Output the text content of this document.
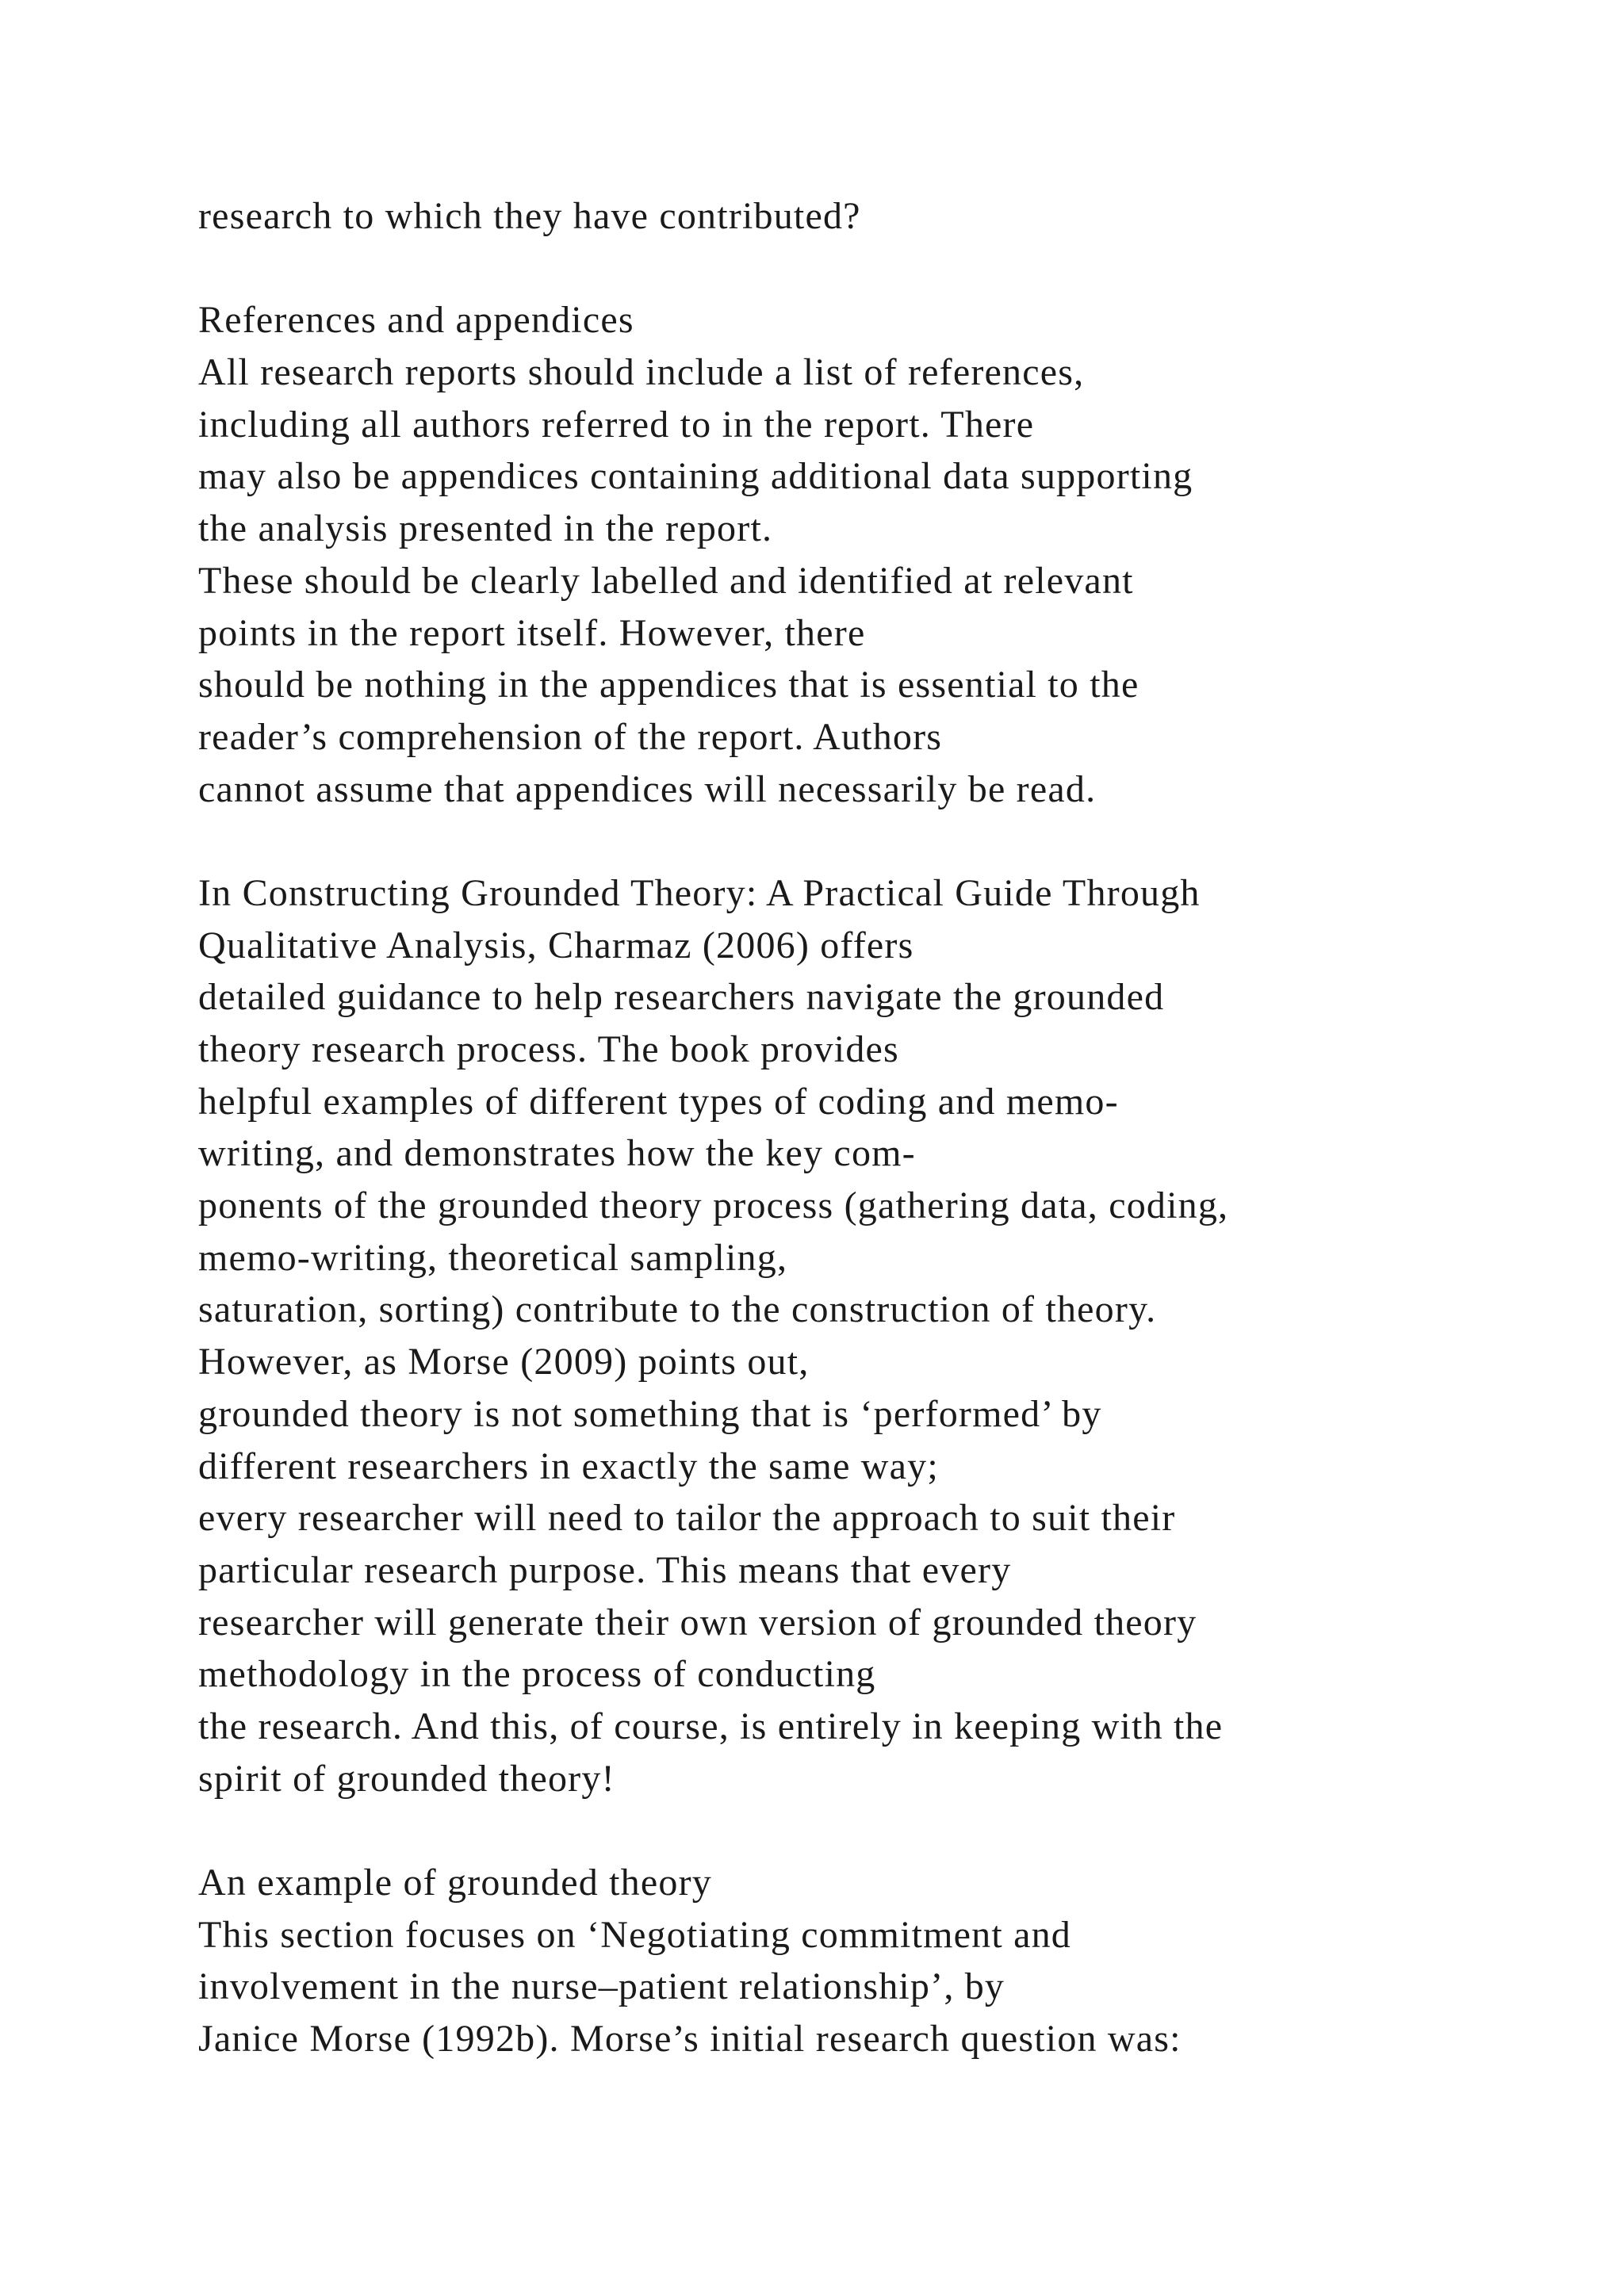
research to which they have contributed?
References and appendices
All research reports should include a list of references,
including all authors referred to in the report. There
may also be appendices containing additional data supporting
the analysis presented in the report.
These should be clearly labelled and identified at relevant
points in the report itself. However, there
should be nothing in the appendices that is essential to the
reader’s comprehension of the report. Authors
cannot assume that appendices will necessarily be read.
In Constructing Grounded Theory: A Practical Guide Through
Qualitative Analysis, Charmaz (2006) offers
detailed guidance to help researchers navigate the grounded
theory research process. The book provides
helpful examples of different types of coding and memo-
writing, and demonstrates how the key com-
ponents of the grounded theory process (gathering data, coding,
memo-writing, theoretical sampling,
saturation, sorting) contribute to the construction of theory.
However, as Morse (2009) points out,
grounded theory is not something that is ‘performed’ by
different researchers in exactly the same way;
every researcher will need to tailor the approach to suit their
particular research purpose. This means that every
researcher will generate their own version of grounded theory
methodology in the process of conducting
the research. And this, of course, is entirely in keeping with the
spirit of grounded theory!
An example of grounded theory
This section focuses on ‘Negotiating commitment and
involvement in the nurse–patient relationship’, by
Janice Morse (1992b). Morse’s initial research question was:
